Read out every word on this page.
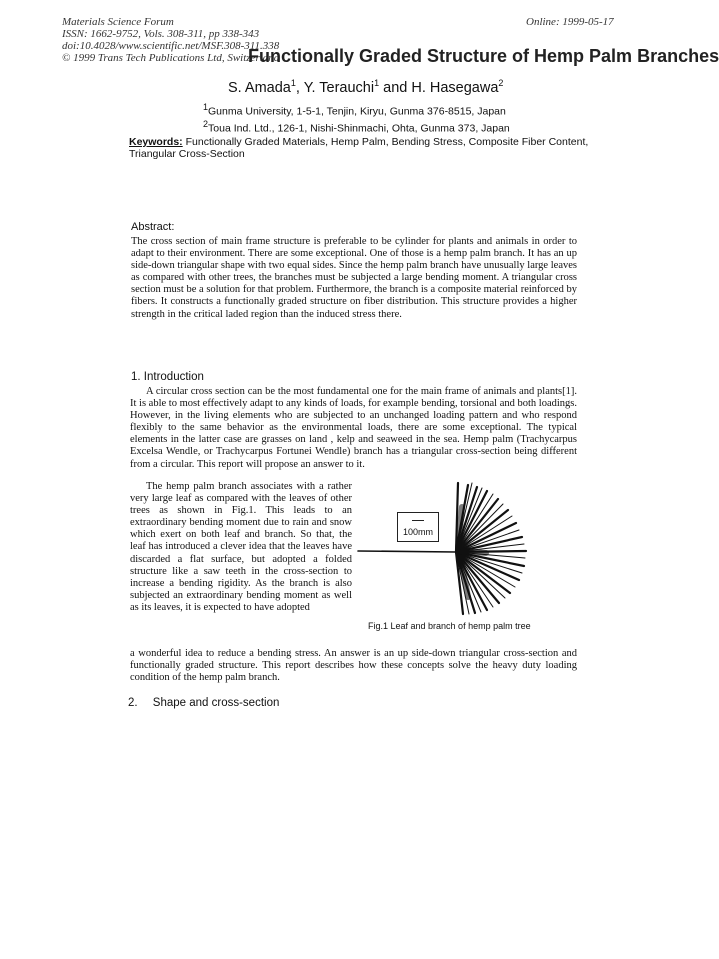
Materials Science Forum
ISSN: 1662-9752, Vols. 308-311, pp 338-343
doi:10.4028/www.scientific.net/MSF.308-311.338
© 1999 Trans Tech Publications Ltd, Switzerland
Online: 1999-05-17
Functionally Graded Structure of Hemp Palm Branches
S. Amada$^1$, Y. Terauchi$^1$ and H. Hasegawa$^2$
$^1$Gunma University, 1-5-1, Tenjin, Kiryu, Gunma 376-8515, Japan
$^2$Toua Ind. Ltd., 126-1, Nishi-Shinmachi, Ohta, Gunma 373, Japan
Keywords: Functionally Graded Materials, Hemp Palm, Bending Stress, Composite Fiber Content, Triangular Cross-Section
Abstract:
The cross section of main frame structure is preferable to be cylinder for plants and animals in order to adapt to their environment. There are some exceptional. One of those is a hemp palm branch. It has an up side-down triangular shape with two equal sides. Since the hemp palm branch have unusually large leaves as compared with other trees, the branches must be subjected a large bending moment. A triangular cross section must be a solution for that problem. Furthermore, the branch is a composite material reinforced by fibers. It constructs a functionally graded structure on fiber distribution. This structure provides a higher strength in the critical laded region than the induced stress there.
1. Introduction
A circular cross section can be the most fundamental one for the main frame of animals and plants[1]. It is able to most effectively adapt to any kinds of loads, for example bending, torsional and both loadings. However, in the living elements who are subjected to an unchanged loading pattern and who respond flexibly to the same behavior as the environmental loads, there are some exceptional. The typical elements in the latter case are grasses on land , kelp and seaweed in the sea. Hemp palm (Trachycarpus Excelsa Wendle, or Trachycarpus Fortunei Wendle) branch has a triangular cross-section being different from a circular. This report will propose an answer to it.
The hemp palm branch associates with a rather very large leaf as compared with the leaves of other trees as shown in Fig.1. This leads to an extraordinary bending moment due to rain and snow which exert on both leaf and branch. So that, the leaf has introduced a clever idea that the leaves have discarded a flat surface, but adopted a folded structure like a saw teeth in the cross-section to increase a bending rigidity. As the branch is also subjected an extraordinary bending moment as well as its leaves, it is expected to have adopted
a wonderful idea to reduce a bending stress. An answer is an up side-down triangular cross-section and functionally graded structure. This report describes how these concepts solve the heavy duty loading condition of the hemp palm branch.
100mm
Fig.1 Leaf and branch of hemp palm tree
2. Shape and cross-section
